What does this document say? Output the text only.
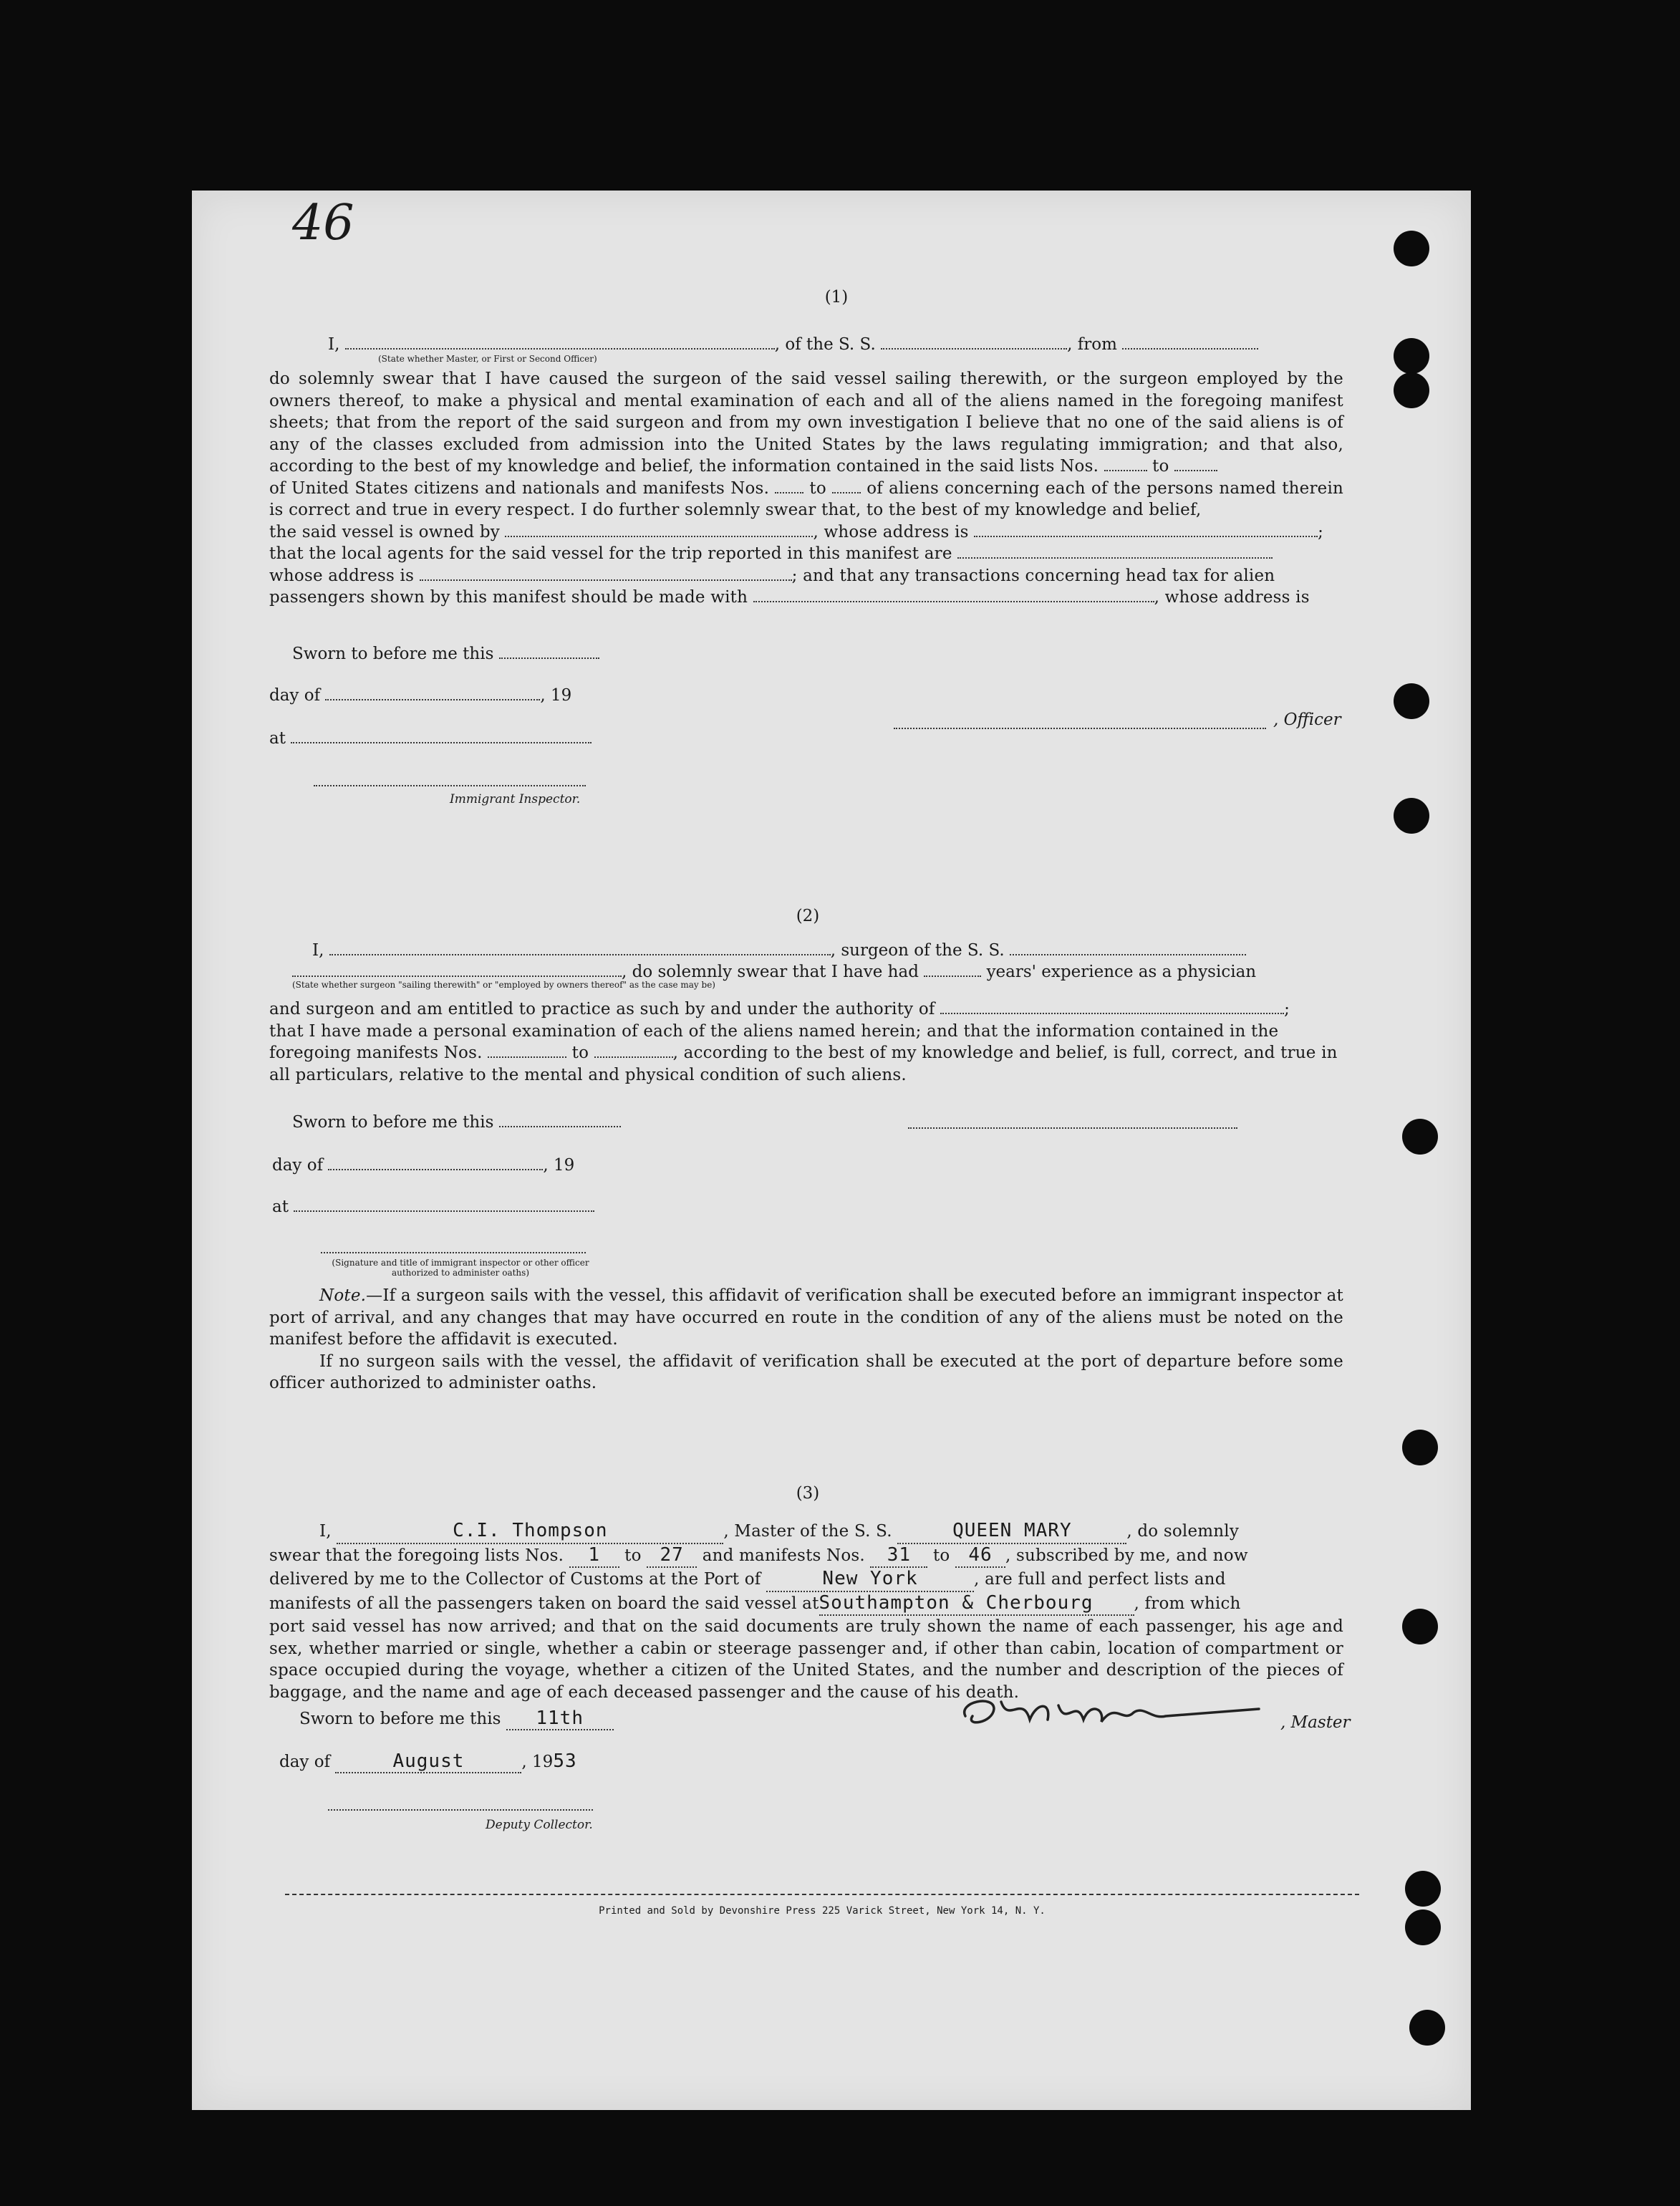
46
(1)
I,	, of the S. S.	, from
(State whether Master, or First or Second Officer)
do solemnly swear that I have caused the surgeon of the said vessel sailing therewith, or the surgeon employed by the owners thereof, to make a physical and mental examination of each and all of the aliens named in the foregoing manifest sheets; that from the report of the said surgeon and from my own investigation I believe that no one of the said aliens is of any of the classes excluded from admission into the United States by the laws regulating immigration; and that also, according to the best of my knowledge and belief, the information contained in the said lists Nos.	to
of United States citizens and nationals and manifests Nos. to of aliens concerning each of the persons named therein is correct and true in every respect. I do further solemnly swear that, to the best of my knowledge and belief,
the said vessel is owned by	, whose address is	;
that the local agents for the said vessel for the trip reported in this manifest are
whose address is	; and that any transactions concerning head tax for alien
passengers shown by this manifest should be made with	, whose address is
Sworn to before me this
day of	, 19
at
Immigrant Inspector.
, Officer
(2)
I,	, surgeon of the S. S.
, do solemnly swear that I have had	years' experience as a physician
(State whether surgeon "sailing therewith" or "employed by owners thereof" as the case may be)
and surgeon and am entitled to practice as such by and under the authority of	;
that I have made a personal examination of each of the aliens named herein; and that the information contained in the
foregoing manifests Nos.	to	, according to the best of my knowledge and belief, is full, correct, and true in
all particulars, relative to the mental and physical condition of such aliens.
Sworn to before me this
day of	, 19
at
(Signature and title of immigrant inspector or other officer authorized to administer oaths)
Note.—If a surgeon sails with the vessel, this affidavit of verification shall be executed before an immigrant inspector at port of arrival, and any changes that may have occurred en route in the condition of any of the aliens must be noted on the manifest before the affidavit is executed.
If no surgeon sails with the vessel, the affidavit of verification shall be executed at the port of departure before some officer authorized to administer oaths.
(3)
I,	C.I. Thompson	, Master of the S. S.	QUEEN MARY	, do solemnly
swear that the foregoing lists Nos. 1 to 27 and manifests Nos. 31 to 46 , subscribed by me, and now
delivered by me to the Collector of Customs at the Port of	New York	, are full and perfect lists and
manifests of all the passengers taken on board the said vessel atSouthampton & Cherbourg , from which
port said vessel has now arrived; and that on the said documents are truly shown the name of each passenger, his age and sex, whether married or single, whether a cabin or steerage passenger and, if other than cabin, location of compartment or space occupied during the voyage, whether a citizen of the United States, and the number and description of the pieces of baggage, and the name and age of each deceased passenger and the cause of his death.
Sworn to before me this 11th
day of	August	, 1953
Deputy Collector.
, Master
Printed and Sold by Devonshire Press 225 Varick Street, New York 14, N. Y.
